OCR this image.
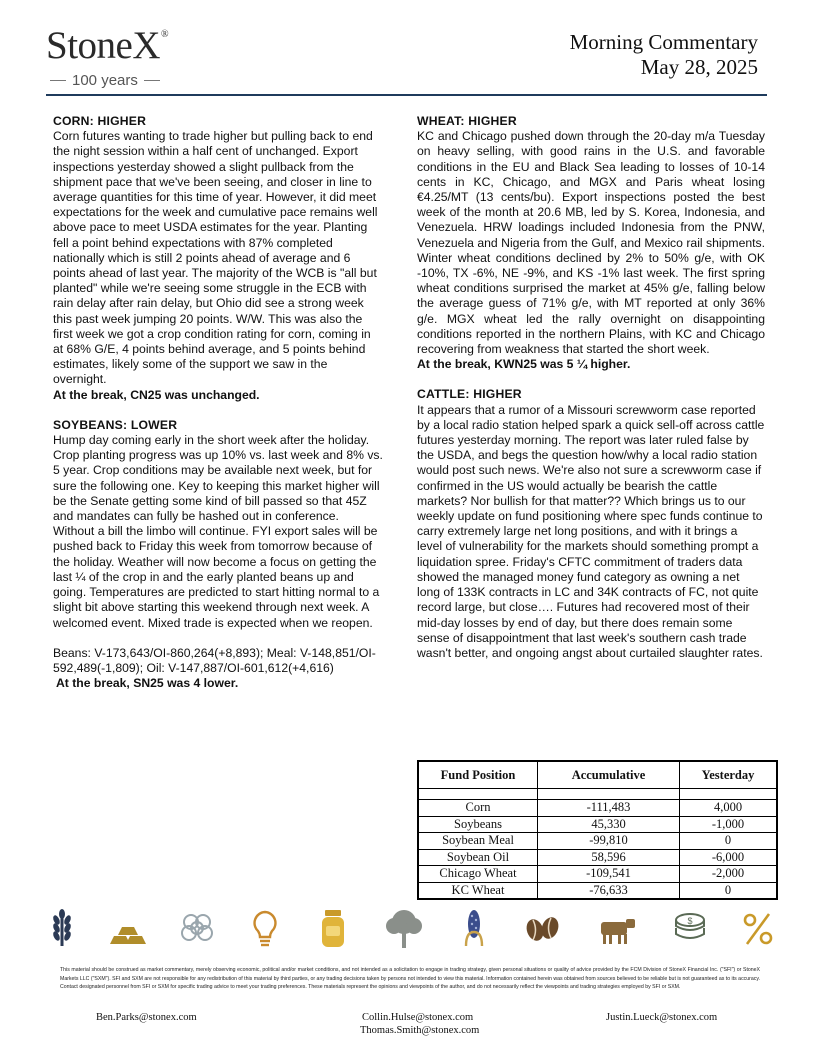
StoneX®
100 years
Morning Commentary
May 28, 2025
CORN: HIGHER

Corn futures wanting to trade higher but pulling back to end the night session within a half cent of unchanged. Export inspections yesterday showed a slight pullback from the shipment pace that we've been seeing, and closer in line to average quantities for this time of year. However, it did meet expectations for the week and cumulative pace remains well above pace to meet USDA estimates for the year. Planting fell a point behind expectations with 87% completed nationally which is still 2 points ahead of average and 6 points ahead of last year. The majority of the WCB is "all but planted" while we're seeing some struggle in the ECB with rain delay after rain delay, but Ohio did see a strong week this past week jumping 20 points. W/W. This was also the first week we got a crop condition rating for corn, coming in at 68% G/E, 4 points behind average, and 5 points behind estimates, likely some of the support we saw in the overnight.

At the break, CN25 was unchanged.
SOYBEANS: LOWER

Hump day coming early in the short week after the holiday. Crop planting progress was up 10% vs. last week and 8% vs. 5 year. Crop conditions may be available next week, but for sure the following one. Key to keeping this market higher will be the Senate getting some kind of bill passed so that 45Z and mandates can fully be hashed out in conference. Without a bill the limbo will continue. FYI export sales will be pushed back to Friday this week from tomorrow because of the holiday. Weather will now become a focus on getting the last ¼ of the crop in and the early planted beans up and going. Temperatures are predicted to start hitting normal to a slight bit above starting this weekend through next week. A welcomed event. Mixed trade is expected when we reopen.

Beans: V-173,643/OI-860,264(+8,893); Meal: V-148,851/OI-592,489(-1,809); Oil: V-147,887/OI-601,612(+4,616)

At the break, SN25 was 4 lower.
WHEAT: HIGHER

KC and Chicago pushed down through the 20-day m/a Tuesday on heavy selling, with good rains in the U.S. and favorable conditions in the EU and Black Sea leading to losses of 10-14 cents in KC, Chicago, and MGX and Paris wheat losing €4.25/MT (13 cents/bu). Export inspections posted the best week of the month at 20.6 MB, led by S. Korea, Indonesia, and Venezuela. HRW loadings included Indonesia from the PNW, Venezuela and Nigeria from the Gulf, and Mexico rail shipments. Winter wheat conditions declined by 2% to 50% g/e, with OK -10%, TX -6%, NE -9%, and KS -1% last week. The first spring wheat conditions surprised the market at 45% g/e, falling below the average guess of 71% g/e, with MT reported at only 36% g/e. MGX wheat led the rally overnight on disappointing conditions reported in the northern Plains, with KC and Chicago recovering from weakness that started the short week.

At the break, KWN25 was 5 ¼ higher.
CATTLE: HIGHER

It appears that a rumor of a Missouri screwworm case reported by a local radio station helped spark a quick sell-off across cattle futures yesterday morning. The report was later ruled false by the USDA, and begs the question how/why a local radio station would post such news. We're also not sure a screwworm case if confirmed in the US would actually be bearish the cattle markets? Nor bullish for that matter?? Which brings us to our weekly update on fund positioning where spec funds continue to carry extremely large net long positions, and with it brings a level of vulnerability for the markets should something prompt a liquidation spree. Friday's CFTC commitment of traders data showed the managed money fund category as owning a net long of 133K contracts in LC and 34K contracts of FC, not quite record large, but close…. Futures had recovered most of their mid-day losses by end of day, but there does remain some sense of disappointment that last week's southern cash trade wasn't better, and ongoing angst about curtailed slaughter rates.

Fund Position	Accumulative	Yesterday

Corn	-111,483	4,000
Soybeans	45,330	-1,000
Soybean Meal	-99,810	0
Soybean Oil	58,596	-6,000
Chicago Wheat	-109,541	-2,000
KC Wheat	-76,633	0
$
This material should be construed as market commentary, merely observing economic, political and/or market conditions, and not intended as a solicitation to engage in trading strategy, given personal situations or quality of advice provided by the FCM Division of StoneX Financial Inc. ("SFI") or StoneX Markets LLC ("SXM"). SFI and SXM are not responsible for any redistribution of this material by third parties, or any trading decisions taken by persons not intended to view this material. Information contained herein was obtained from sources believed to be reliable but is not guaranteed as to its accuracy. Contact designated personnel from SFI or SXM for specific trading advice to meet your trading preferences. These materials represent the opinions and viewpoints of the author, and do not necessarily reflect the viewpoints and trading strategies employed by SFI or SXM.
Ben.Parks@stonex.com	Collin.Hulse@stonex.com
Thomas.Smith@stonex.com
Justin.Lueck@stonex.com
